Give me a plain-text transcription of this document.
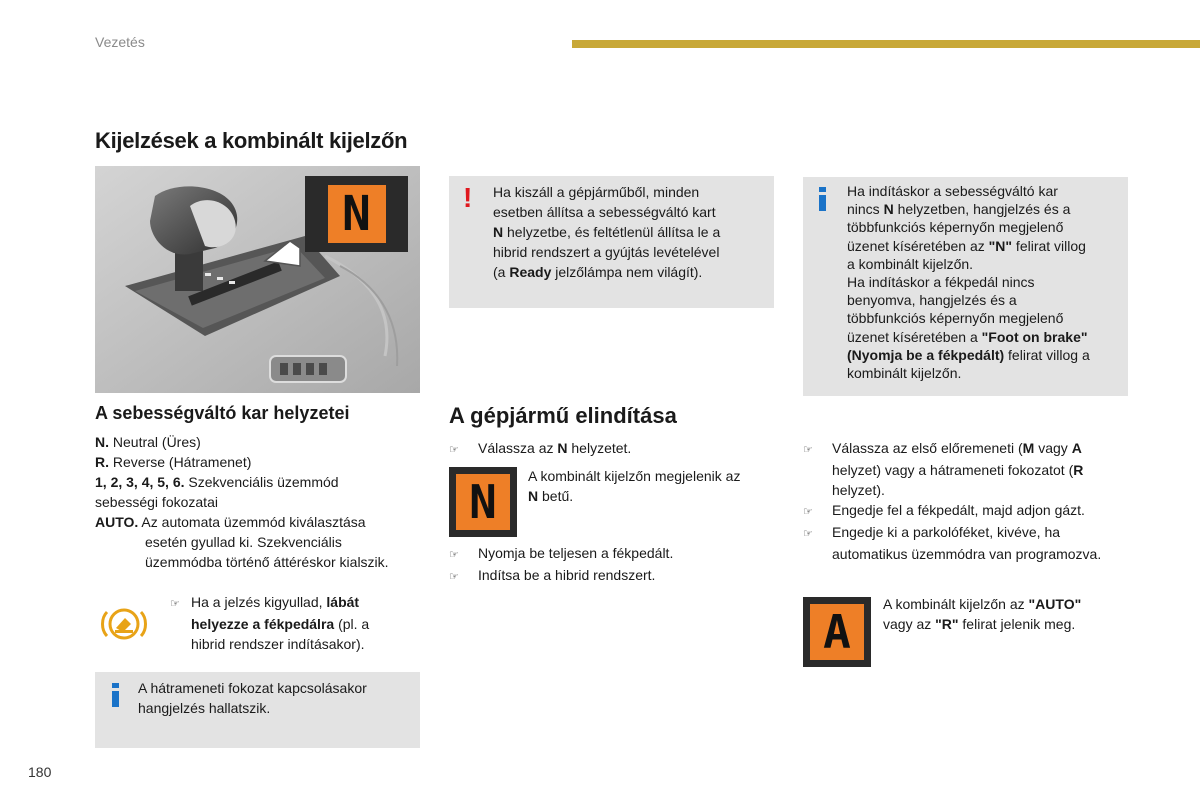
Vezetés
Kijelzések a kombinált kijelzőn
N
A sebességváltó kar helyzetei
N. Neutral (Üres)
R. Reverse (Hátramenet)
1, 2, 3, 4, 5, 6. Szekvenciális üzemmód
sebességi fokozatai
AUTO. Az automata üzemmód kiválasztása
esetén gyullad ki. Szekvenciális
üzemmódba történő áttéréskor kialszik.
☞ Ha a jelzés kigyullad, lábát
helyezze a fékpedálra (pl. a
hibrid rendszer indításakor).
A hátrameneti fokozat kapcsolásakor
hangjelzés hallatszik.
! Ha kiszáll a gépjárműből, minden
esetben állítsa a sebességváltó kart
N helyzetbe, és feltétlenül állítsa le a
hibrid rendszert a gyújtás levételével
(a Ready jelzőlámpa nem világít).
A gépjármű elindítása
☞	Válassza az N helyzetet.
N A kombinált kijelzőn megjelenik az
N betű.
☞	Nyomja be teljesen a fékpedált.
☞	Indítsa be a hibrid rendszert.
Ha indításkor a sebességváltó kar
nincs N helyzetben, hangjelzés és a
többfunkciós képernyőn megjelenő
üzenet kíséretében az "N" felirat villog
a kombinált kijelzőn.
Ha indításkor a fékpedál nincs
benyomva, hangjelzés és a
többfunkciós képernyőn megjelenő
üzenet kíséretében a "Foot on brake"
(Nyomja be a fékpedált) felirat villog a
kombinált kijelzőn.
☞	Válassza az első előremeneti (M vagy A
helyzet) vagy a hátrameneti fokozatot (R
helyzet).
☞	Engedje fel a fékpedált, majd adjon gázt.
☞	Engedje ki a parkolóféket, kivéve, ha
automatikus üzemmódra van programozva.
A
A kombinált kijelzőn az "AUTO"
vagy az "R" felirat jelenik meg.
180
